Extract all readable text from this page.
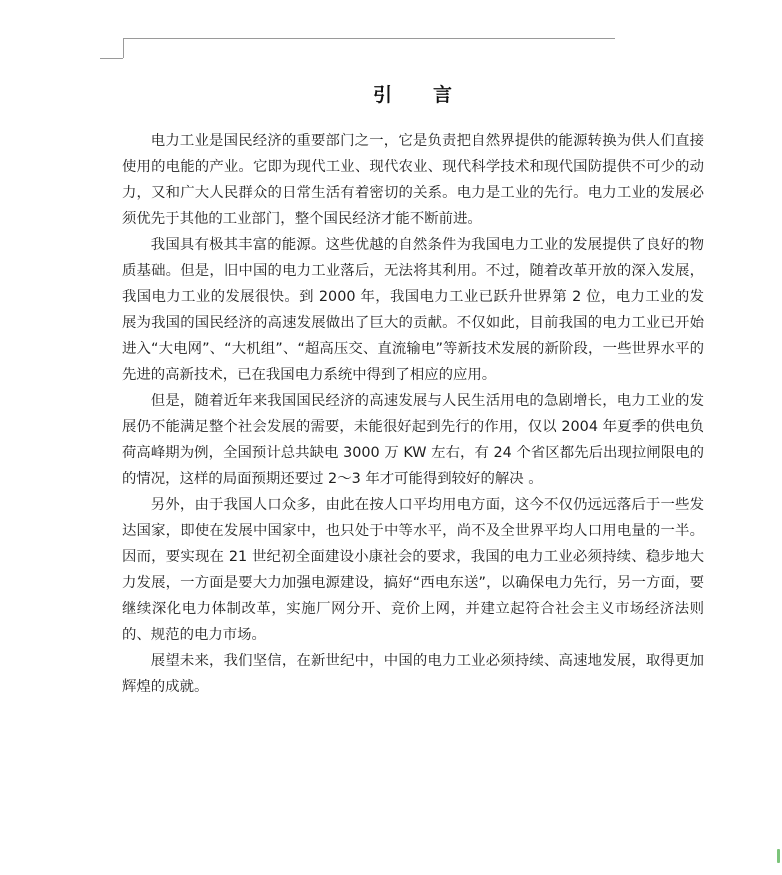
引 言

电力工业是国民经济的重要部门之一，它是负责把自然界提供的能源转换为供人们直接使用的电能的产业。它即为现代工业、现代农业、现代科学技术和现代国防提供不可少的动力，又和广大人民群众的日常生活有着密切的关系。电力是工业的先行。电力工业的发展必须优先于其他的工业部门，整个国民经济才能不断前进。

我国具有极其丰富的能源。这些优越的自然条件为我国电力工业的发展提供了良好的物质基础。但是，旧中国的电力工业落后，无法将其利用。不过，随着改革开放的深入发展，我国电力工业的发展很快。到 2000 年，我国电力工业已跃升世界第 2 位，电力工业的发展为我国的国民经济的高速发展做出了巨大的贡献。不仅如此，目前我国的电力工业已开始进入“大电网”、“大机组”、“超高压交、直流输电”等新技术发展的新阶段，一些世界水平的先进的高新技术，已在我国电力系统中得到了相应的应用。

但是，随着近年来我国国民经济的高速发展与人民生活用电的急剧增长，电力工业的发展仍不能满足整个社会发展的需要，未能很好起到先行的作用，仅以 2004 年夏季的供电负荷高峰期为例，全国预计总共缺电 3000 万 KW 左右，有 24 个省区都先后出现拉闸限电的的情况，这样的局面预期还要过 2～3 年才可能得到较好的解决 。

另外，由于我国人口众多，由此在按人口平均用电方面，这今不仅仍远远落后于一些发达国家，即使在发展中国家中，也只处于中等水平，尚不及全世界平均人口用电量的一半。因而，要实现在 21 世纪初全面建设小康社会的要求，我国的电力工业必须持续、稳步地大力发展，一方面是要大力加强电源建设，搞好“西电东送”，以确保电力先行，另一方面，要继续深化电力体制改革，实施厂网分开、竞价上网，并建立起符合社会主义市场经济法则的、规范的电力市场。

展望未来，我们坚信，在新世纪中，中国的电力工业必须持续、高速地发展，取得更加辉煌的成就。
